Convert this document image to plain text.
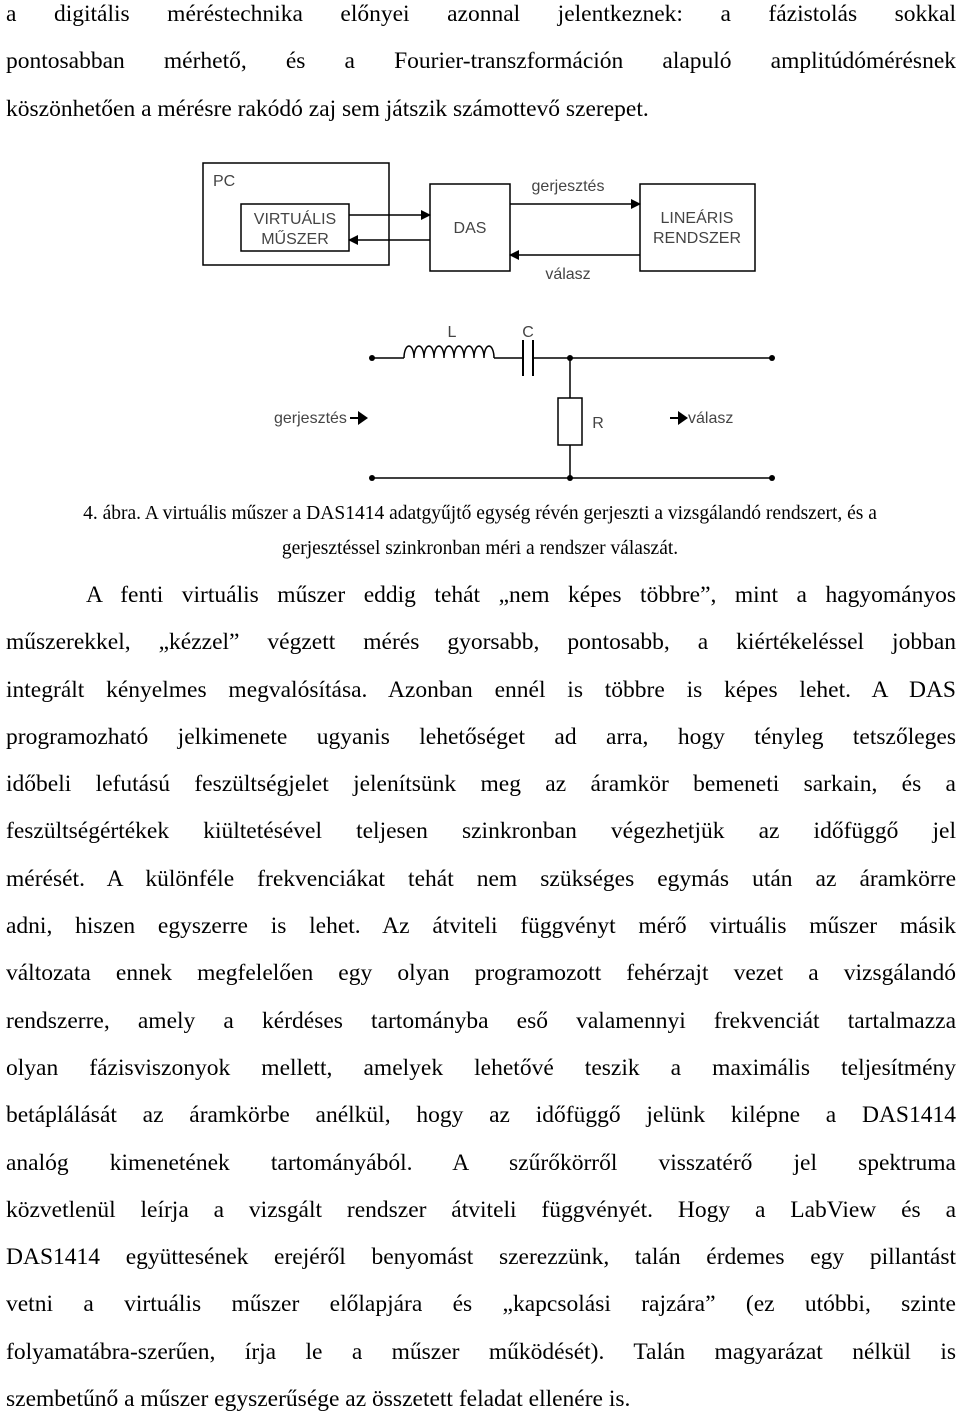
a digitális méréstechnika előnyei azonnal jelentkeznek: a fázistolás sokkal
pontosabban mérhető, és a Fourier-transzformáción alapuló amplitúdómérésnek
köszönhetően a mérésre rakódó zaj sem játszik számottevő szerepet.
PC
VIRTUÁLIS
MŰSZER
DAS
LINEÁRIS
RENDSZER
gerjesztés
válasz
L	C
R
gerjesztés	válasz
4. ábra. A virtuális műszer a DAS1414 adatgyűjtő egység révén gerjeszti a vizsgálandó rendszert, és a
gerjesztéssel szinkronban méri a rendszer válaszát.
A fenti virtuális műszer eddig tehát „nem képes többre”, mint a hagyományos
műszerekkel, „kézzel” végzett mérés gyorsabb, pontosabb, a kiértékeléssel jobban
integrált kényelmes megvalósítása. Azonban ennél is többre is képes lehet. A DAS
programozható jelkimenete ugyanis lehetőséget ad arra, hogy tényleg tetszőleges
időbeli lefutású feszültségjelet jelenítsünk meg az áramkör bemeneti sarkain, és a
feszültségértékek kiültetésével teljesen szinkronban végezhetjük az időfüggő jel
mérését. A különféle frekvenciákat tehát nem szükséges egymás után az áramkörre
adni, hiszen egyszerre is lehet. Az átviteli függvényt mérő virtuális műszer másik
változata ennek megfelelően egy olyan programozott fehérzajt vezet a vizsgálandó
rendszerre, amely a kérdéses tartományba eső valamennyi frekvenciát tartalmazza
olyan fázisviszonyok mellett, amelyek lehetővé teszik a maximális teljesítmény
betáplálását az áramkörbe anélkül, hogy az időfüggő jelünk kilépne a DAS1414
analóg kimenetének tartományából. A szűrőkörről visszatérő jel spektruma
közvetlenül leírja a vizsgált rendszer átviteli függvényét. Hogy a LabView és a
DAS1414 együttesének erejéről benyomást szerezzünk, talán érdemes egy pillantást
vetni a virtuális műszer előlapjára és „kapcsolási rajzára” (ez utóbbi, szinte
folyamatábra-szerűen, írja le a műszer működését). Talán magyarázat nélkül is
szembetűnő a műszer egyszerűsége az összetett feladat ellenére is.
